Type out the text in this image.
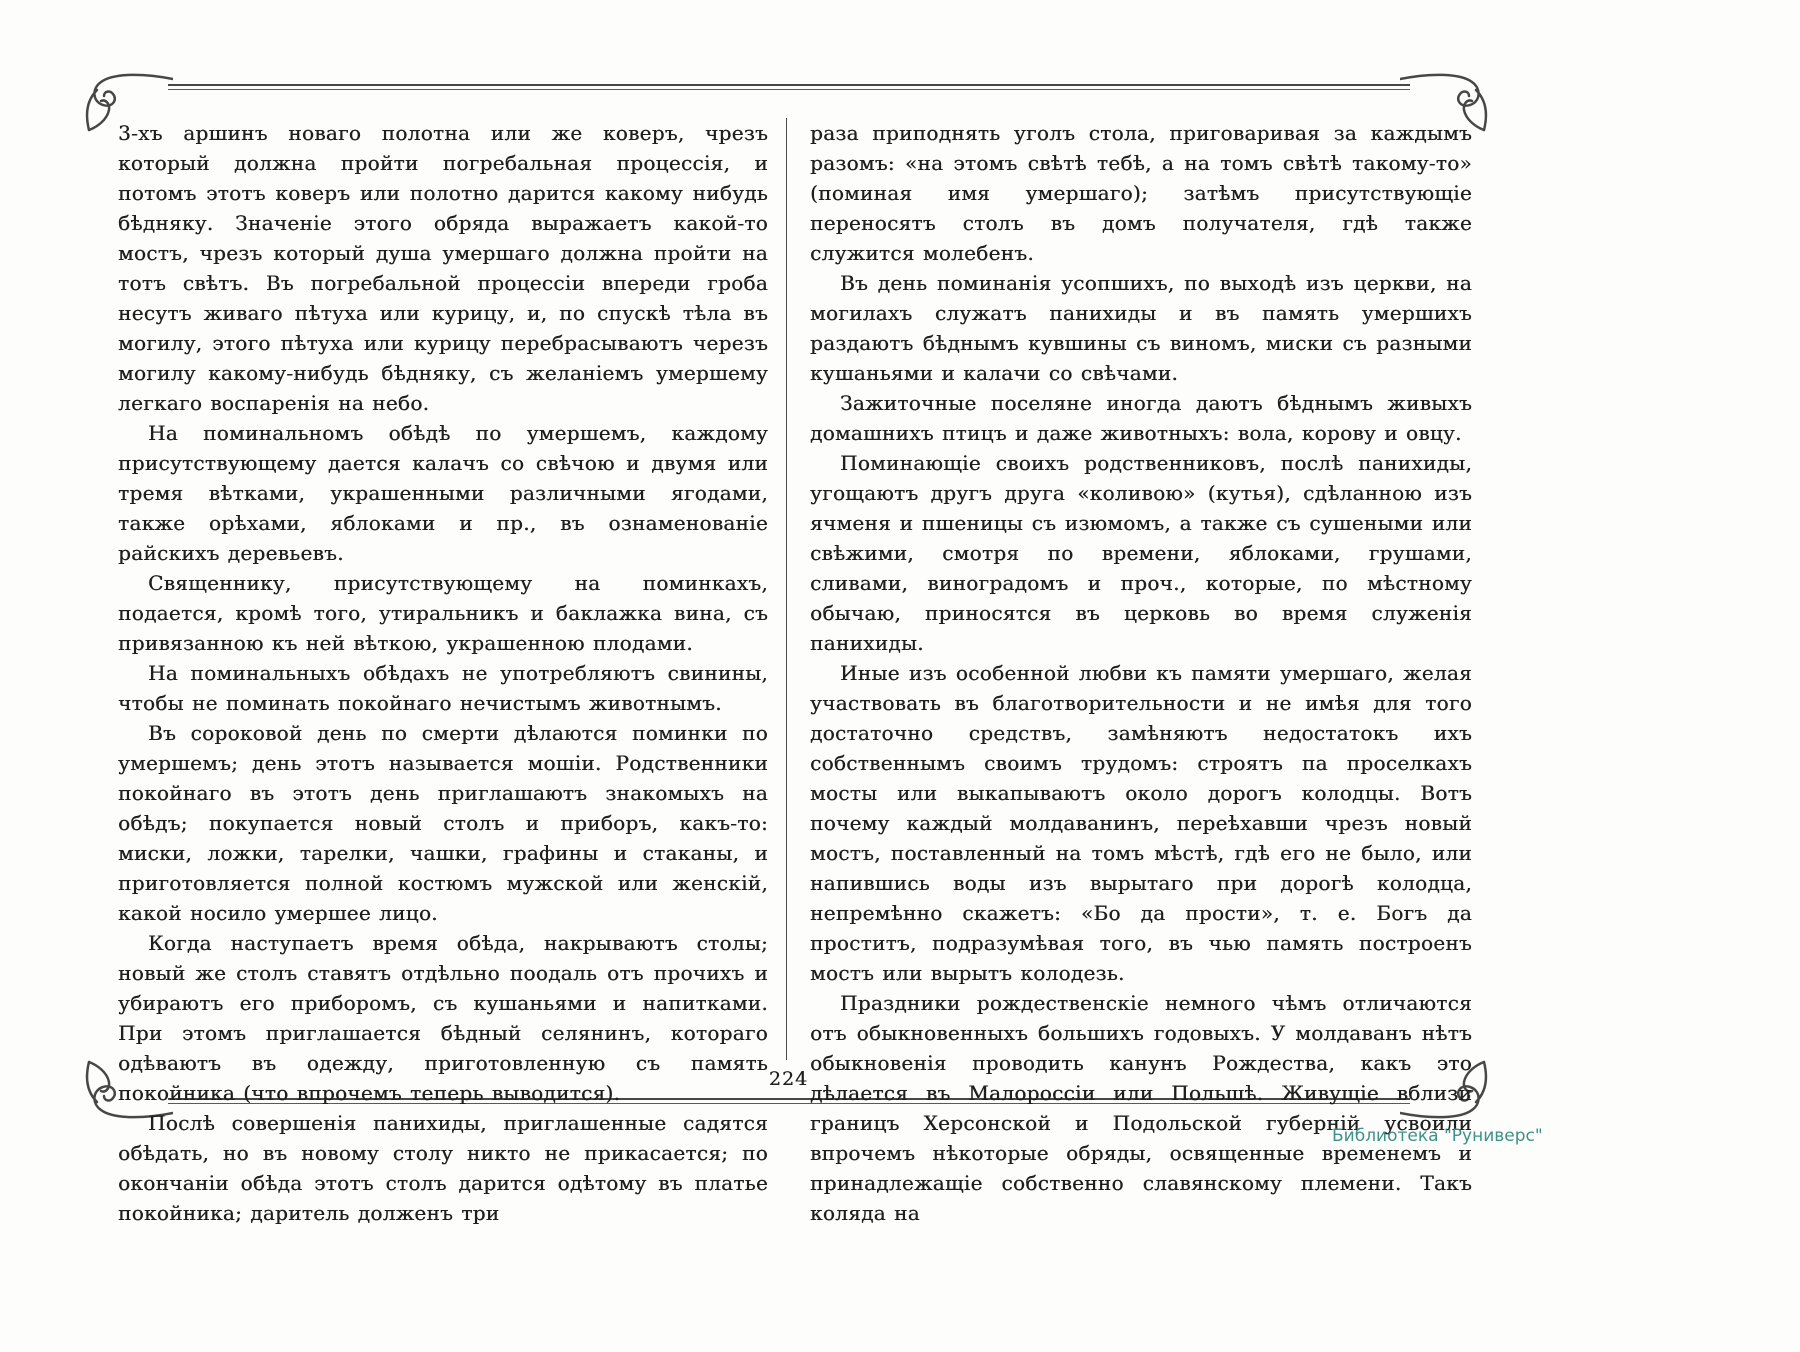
3-хъ аршинъ новаго полотна или же коверъ, чрезъ который должна пройти погребальная процессія, и потомъ этотъ коверъ или полотно дарится какому нибудь бѣдняку. Значеніе этого обряда выражаетъ какой-то мостъ, чрезъ который душа умершаго должна пройти на тотъ свѣтъ. Въ погребальной процессіи впереди гроба несутъ живаго пѣтуха или курицу, и, по спускѣ тѣла въ могилу, этого пѣтуха или курицу перебрасываютъ черезъ могилу какому-нибудь бѣдняку, съ желаніемъ умершему легкаго воспаренія на небо.

На поминальномъ обѣдѣ по умершемъ, каждому присутствующему дается калачъ со свѣчою и двумя или тремя вѣтками, украшенными различными ягодами, также орѣхами, яблоками и пр., въ ознаменованіе райскихъ деревьевъ.

Священнику, присутствующему на поминкахъ, подается, кромѣ того, утиральникъ и баклажка вина, съ привязанною къ ней вѣткою, украшенною плодами.

На поминальныхъ обѣдахъ не употребляютъ свинины, чтобы не поминать покойнаго нечистымъ животнымъ.

Въ сороковой день по смерти дѣлаются поминки по умершемъ; день этотъ называется мошіи. Родственники покойнаго въ этотъ день приглашаютъ знакомыхъ на обѣдъ; покупается новый столъ и приборъ, какъ-то: миски, ложки, тарелки, чашки, графины и стаканы, и приготовляется полной костюмъ мужской или женскій, какой носило умершее лицо.

Когда наступаетъ время обѣда, накрываютъ столы; новый же столъ ставятъ отдѣльно поодаль отъ прочихъ и убираютъ его приборомъ, съ кушаньями и напитками. При этомъ приглашается бѣдный селянинъ, котораго одѣваютъ въ одежду, приготовленную съ память покойника (что впрочемъ теперь выводится).

Послѣ совершенія панихиды, приглашенные садятся обѣдать, но въ новому столу никто не прикасается; по окончаніи обѣда этотъ столъ дарится одѣтому въ платье покойника; даритель долженъ три

раза приподнять уголъ стола, приговаривая за каждымъ разомъ: «на этомъ свѣтѣ тебѣ, а на томъ свѣтѣ такому-то» (поминая имя умершаго); затѣмъ присутствующіе переносятъ столъ въ домъ получателя, гдѣ также служится молебенъ.

Въ день поминанія усопшихъ, по выходѣ изъ церкви, на могилахъ служатъ панихиды и въ память умершихъ раздаютъ бѣднымъ кувшины съ виномъ, миски съ разными кушаньями и калачи со свѣчами.

Зажиточные поселяне иногда даютъ бѣднымъ живыхъ домашнихъ птицъ и даже животныхъ: вола, корову и овцу.

Поминающіе своихъ родственниковъ, послѣ панихиды, угощаютъ другъ друга «коливою» (кутья), сдѣланною изъ ячменя и пшеницы съ изюмомъ, а также съ сушеными или свѣжими, смотря по времени, яблоками, грушами, сливами, виноградомъ и проч., которые, по мѣстному обычаю, приносятся въ церковь во время служенія панихиды.

Иные изъ особенной любви къ памяти умершаго, желая участвовать въ благотворительности и не имѣя для того достаточно средствъ, замѣняютъ недостатокъ ихъ собственнымъ своимъ трудомъ: строятъ па проселкахъ мосты или выкапываютъ около дорогъ колодцы. Вотъ почему каждый молдаванинъ, переѣхавши чрезъ новый мостъ, поставленный на томъ мѣстѣ, гдѣ его не было, или напившись воды изъ вырытаго при дорогѣ колодца, непремѣнно скажетъ: «Бо да прости», т. е. Богъ да проститъ, подразумѣвая того, въ чью память построенъ мостъ или вырытъ колодезь.

Праздники рождественскіе немного чѣмъ отличаются отъ обыкновенныхъ большихъ годовыхъ. У молдаванъ нѣтъ обыкновенія проводить канунъ Рождества, какъ это дѣлается въ Малороссіи или Польшѣ. Живущіе вблизи границъ Херсонской и Подольской губерній усвоили впрочемъ нѣкоторые обряды, освященные временемъ и принадлежащіе собственно славянскому племени. Такъ коляда на

224
Библиотека "Руниверс"
